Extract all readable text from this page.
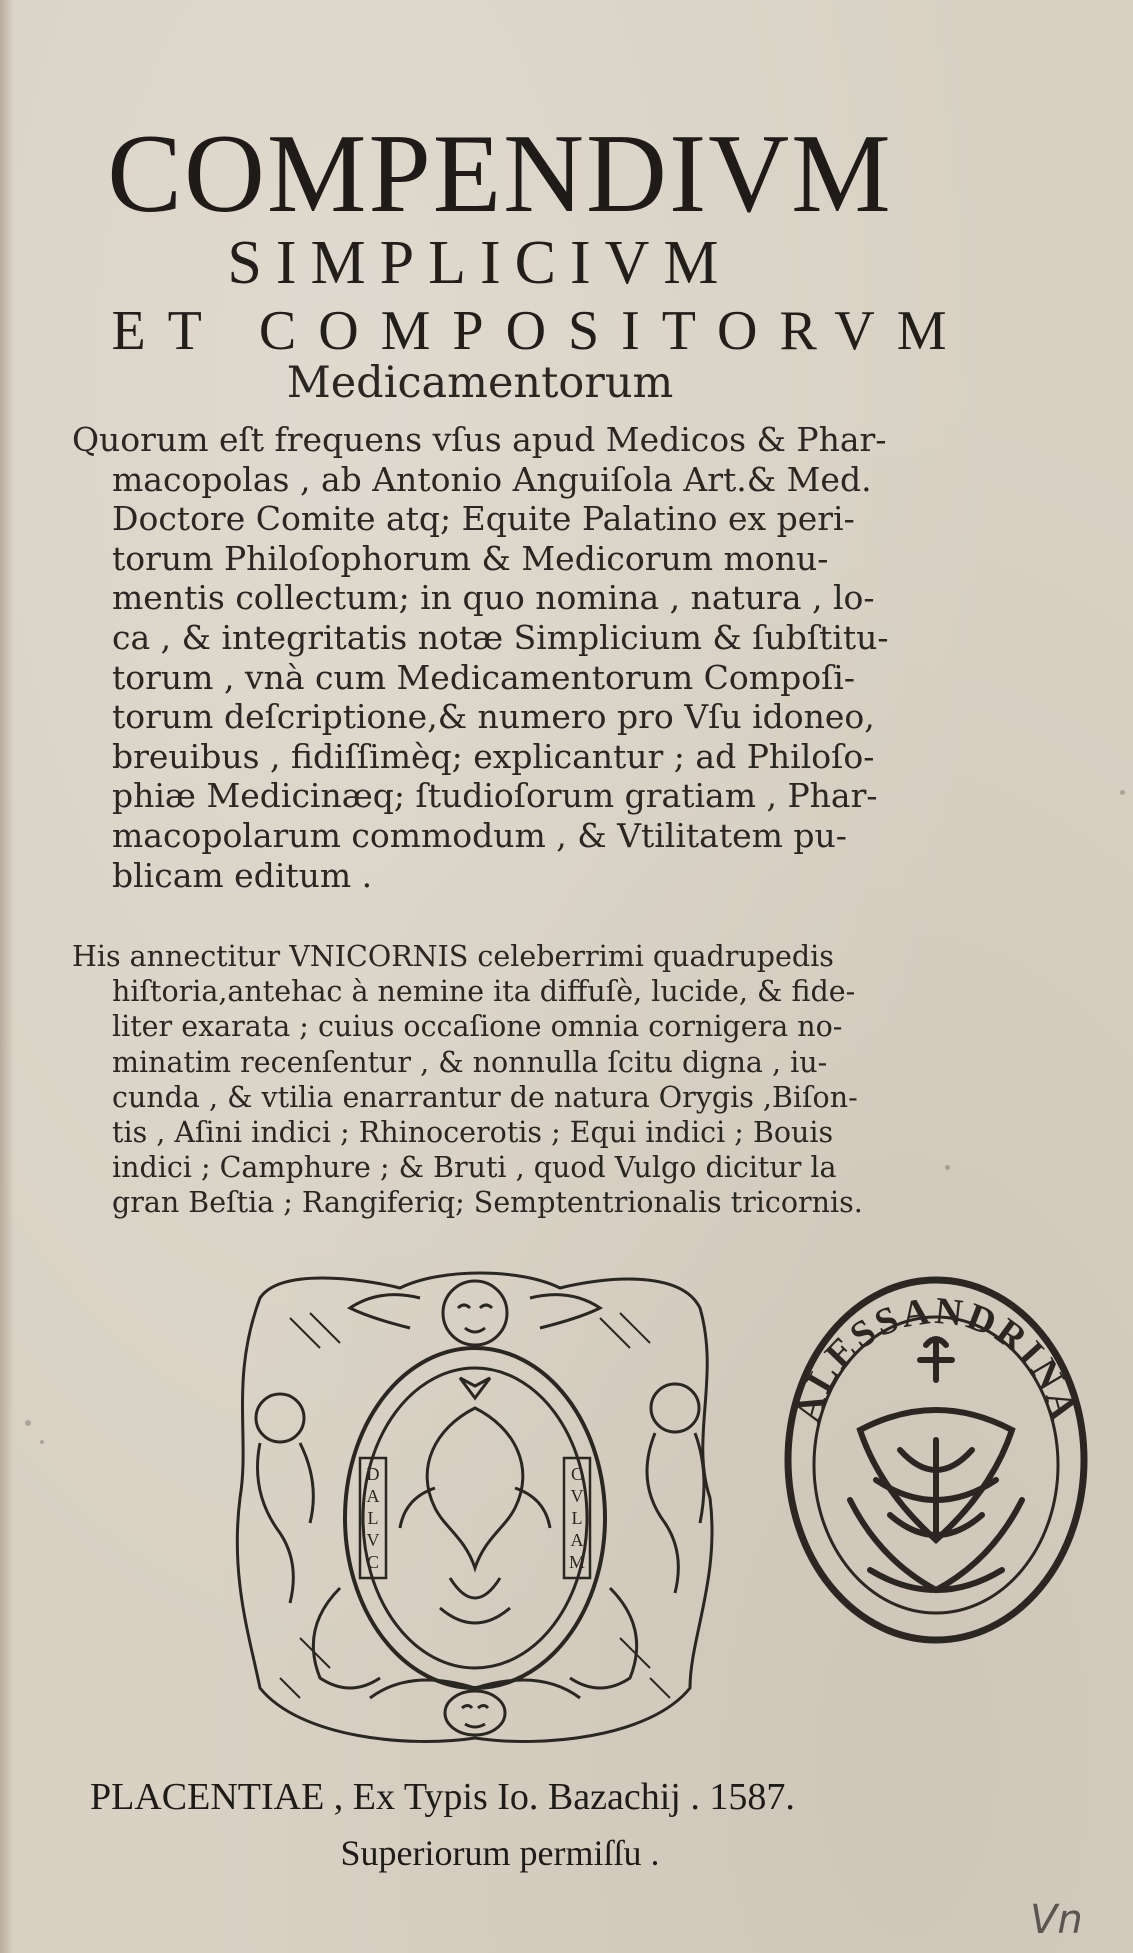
COMPENDIVM
SIMPLICIVM
ET COMPOSITORVM
Medicamentorum
Quorum eſt frequens vſus apud Medicos & Phar-
macopolas , ab Antonio Anguiſola Art.& Med.
Doctore Comite atq; Equite Palatino ex peri-
torum Philoſophorum & Medicorum monu-
mentis collectum; in quo nomina , natura , lo-
ca , & integritatis notæ Simplicium & ſubſtitu-
torum , vnà cum Medicamentorum Compoſi-
torum deſcriptione,& numero pro Vſu idoneo,
breuibus , fidiſſimèq; explicantur ; ad Philoſo-
phiæ Medicinæq; ſtudioſorum gratiam , Phar-
macopolarum commodum , & Vtilitatem pu-
blicam editum .
His annectitur VNICORNIS celeberrimi quadrupedis
hiſtoria,antehac à nemine ita diffuſè, lucide, & fide-
liter exarata ; cuius occaſione omnia cornigera no-
minatim recenſentur , & nonnulla ſcitu digna , iu-
cunda , & vtilia enarrantur de natura Orygis ,Biſon-
tis , Aſini indici ; Rhinocerotis ; Equi indici ; Bouis
indici ; Camphure ; & Bruti , quod Vulgo dicitur la
gran Beſtia ; Rangiferiq; Semptentrionalis tricornis.
D
A
L
V
C
C
V
L
A
M
ALESSANDRINA
PLACENTIAE , Ex Typis Io. Bazachij . 1587.
Superiorum permiſſu .
Vn
